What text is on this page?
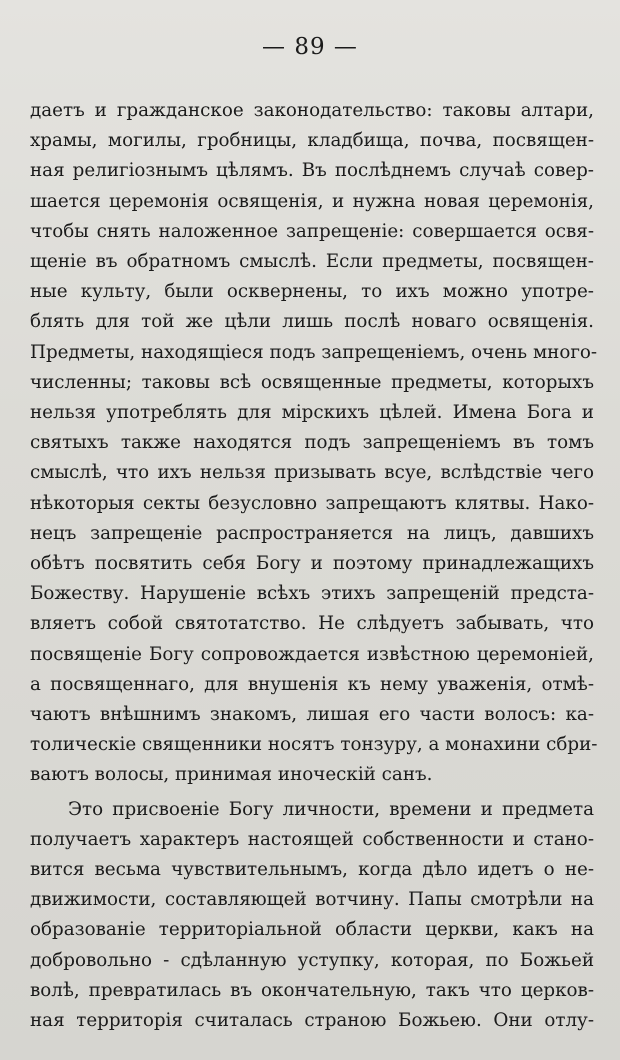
— 89 —
даетъ и гражданское законодательство: таковы алтари,
храмы, могилы, гробницы, кладбища, почва, посвящен-
ная религіознымъ цѣлямъ. Въ послѣднемъ случаѣ совер-
шается церемонія освященія, и нужна новая церемонія,
чтобы снять наложенное запрещеніе: совершается освя-
щеніе въ обратномъ смыслѣ. Если предметы, посвящен-
ные культу, были осквернены, то ихъ можно употре-
блять для той же цѣли лишь послѣ новаго освященія.
Предметы, находящіеся подъ запрещеніемъ, очень много-
численны; таковы всѣ освященные предметы, которыхъ
нельзя употреблять для мірскихъ цѣлей. Имена Бога и
святыхъ также находятся подъ запрещеніемъ въ томъ
смыслѣ, что ихъ нельзя призывать всуе, вслѣдствіе чего
нѣкоторыя секты безусловно запрещаютъ клятвы. Нако-
нецъ запрещеніе распространяется на лицъ, давшихъ
обѣтъ посвятить себя Богу и поэтому принадлежащихъ
Божеству. Нарушеніе всѣхъ этихъ запрещеній предста-
вляетъ собой святотатство. Не слѣдуетъ забывать, что
посвященіе Богу сопровождается извѣстною церемоніей,
а посвященнаго, для внушенія къ нему уваженія, отмѣ-
чаютъ внѣшнимъ знакомъ, лишая его части волосъ: ка-
толическіе священники носятъ тонзуру, а монахини сбри-
ваютъ волосы, принимая иноческій санъ.
Это присвоеніе Богу личности, времени и предмета
получаетъ характеръ настоящей собственности и стано-
вится весьма чувствительнымъ, когда дѣло идетъ о не-
движимости, составляющей вотчину. Папы смотрѣли на
образованіе территоріальной области церкви, какъ на
добровольно - сдѣланную уступку, которая, по Божьей
волѣ, превратилась въ окончательную, такъ что церков-
ная территорія считалась страною Божьею. Они отлу-
